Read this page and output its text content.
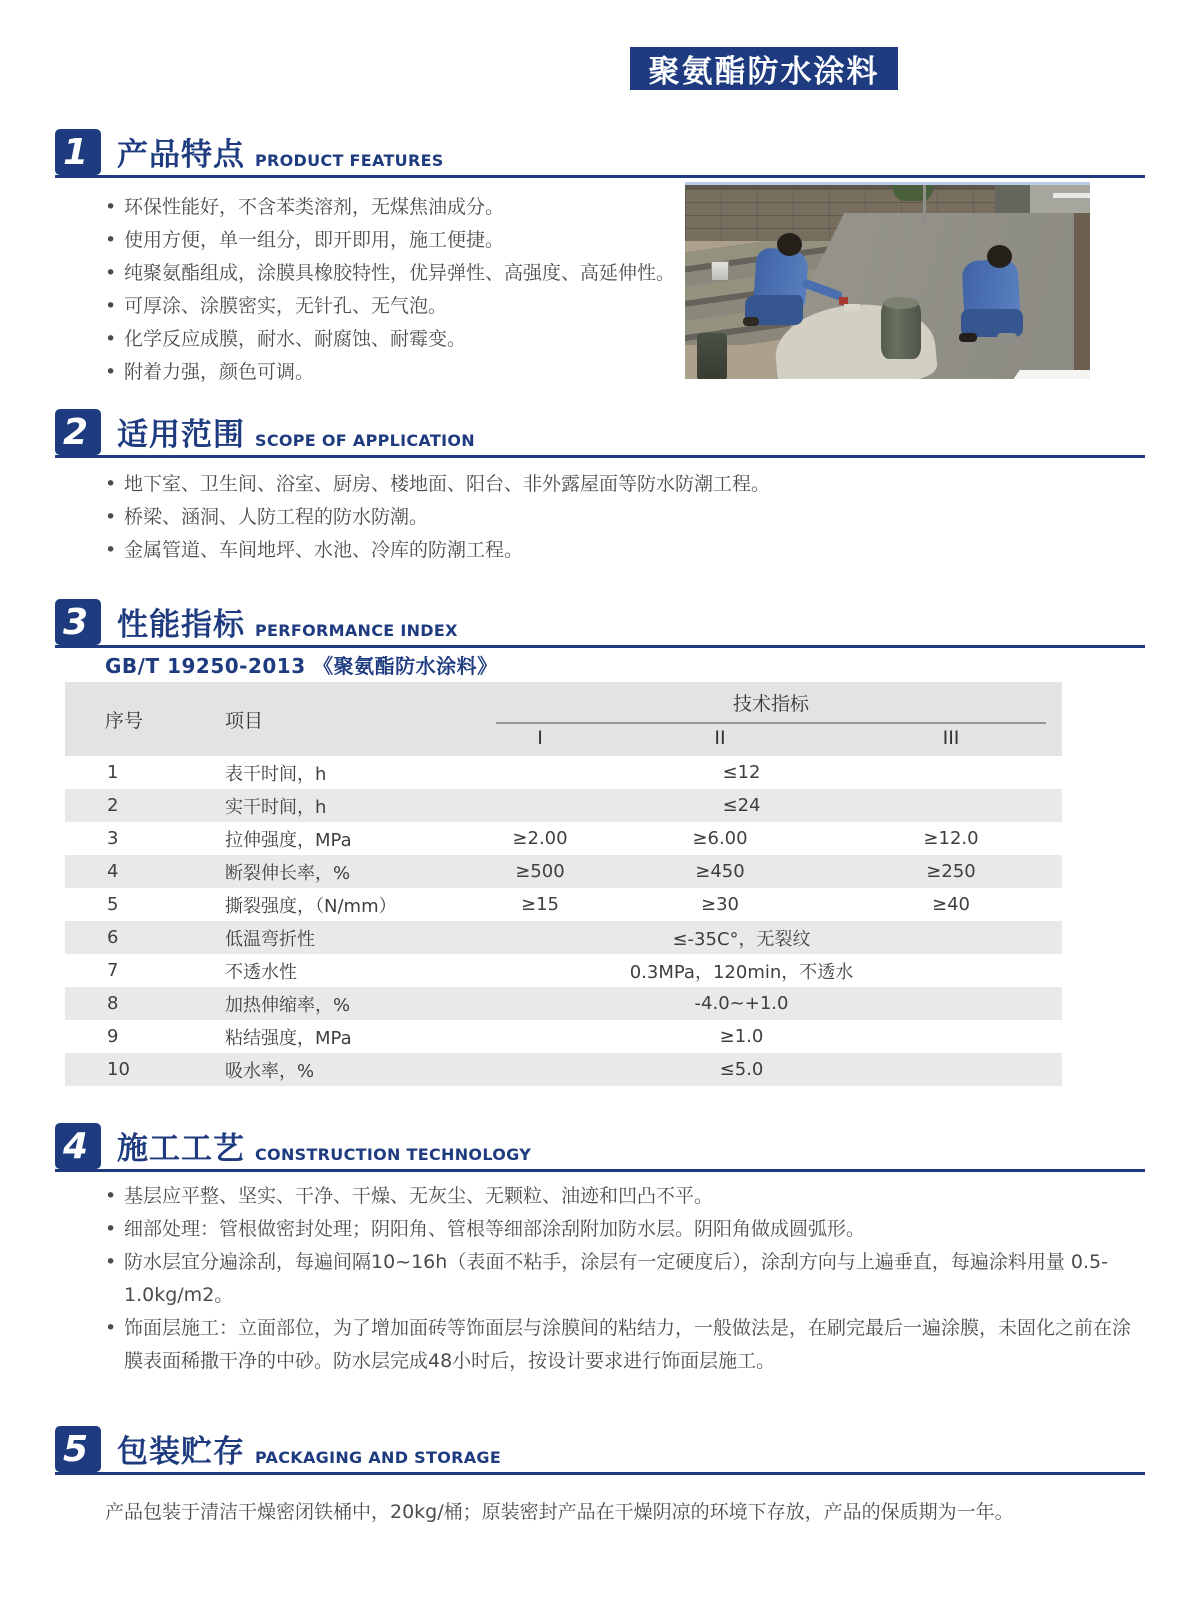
聚氨酯防水涂料
1 产品特点 PRODUCT FEATURES
• 环保性能好，不含苯类溶剂，无煤焦油成分。
• 使用方便，单一组分，即开即用，施工便捷。
• 纯聚氨酯组成，涂膜具橡胶特性，优异弹性、高强度、高延伸性。
• 可厚涂、涂膜密实，无针孔、无气泡。
• 化学反应成膜，耐水、耐腐蚀、耐霉变。
• 附着力强，颜色可调。
2 适用范围 SCOPE OF APPLICATION
• 地下室、卫生间、浴室、厨房、楼地面、阳台、非外露屋面等防水防潮工程。
• 桥梁、涵洞、人防工程的防水防潮。
• 金属管道、车间地坪、水池、冷库的防潮工程。
3 性能指标 PERFORMANCE INDEX
GB/T 19250-2013 《聚氨酯防水涂料》
序号	项目	技术指标		

		I	II	III
1	表干时间，h	≤12		
2	实干时间，h	≤24		
3	拉伸强度，MPa	≥2.00	≥6.00	≥12.0
4	断裂伸长率，%	≥500	≥450	≥250
5	撕裂强度，（N/mm）	≥15	≥30	≥40
6	低温弯折性	≤-35C°，无裂纹		
7	不透水性	0.3MPa，120min，不透水		
8	加热伸缩率，%	-4.0~+1.0		
9	粘结强度，MPa	≥1.0		
10	吸水率，%	≤5.0		
4 施工工艺 CONSTRUCTION TECHNOLOGY
• 基层应平整、坚实、干净、干燥、无灰尘、无颗粒、油迹和凹凸不平。
• 细部处理：管根做密封处理；阴阳角、管根等细部涂刮附加防水层。阴阳角做成圆弧形。
• 防水层宜分遍涂刮，每遍间隔10~16h（表面不粘手，涂层有一定硬度后），涂刮方向与上遍垂直，每遍涂料用量 0.5-1.0kg/m2。
• 饰面层施工：立面部位，为了增加面砖等饰面层与涂膜间的粘结力，一般做法是，在刷完最后一遍涂膜，未固化之前在涂膜表面稀撒干净的中砂。防水层完成48小时后，按设计要求进行饰面层施工。
5 包装贮存 PACKAGING AND STORAGE

产品包装于清洁干燥密闭铁桶中，20kg/桶；原装密封产品在干燥阴凉的环境下存放，产品的保质期为一年。
